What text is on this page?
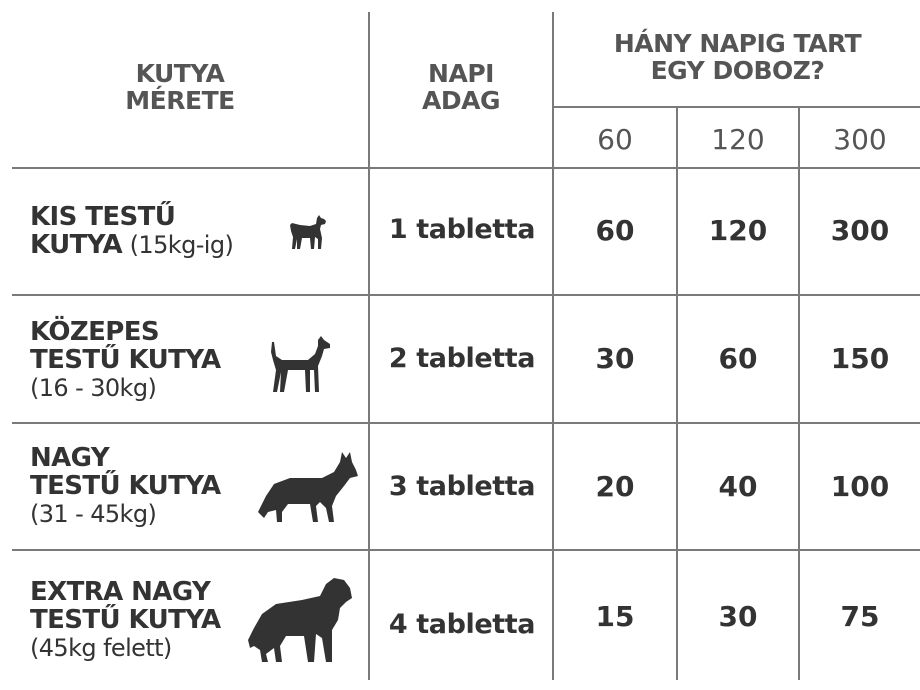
KUTYA
MÉRETE
NAPI
ADAG
HÁNY NAPIG TART
EGY DOBOZ?
60	120	300
KIS TESTŰ
KUTYA (15kg-ig)	1 tabletta	60	120	300
KÖZEPES
TESTŰ KUTYA
(16 - 30kg)
2 tabletta	30	60	150
NAGY
TESTŰ KUTYA
(31 - 45kg)
3 tabletta	20	40	100
EXTRA NAGY
TESTŰ KUTYA
(45kg felett)
4 tabletta	15	30	75
